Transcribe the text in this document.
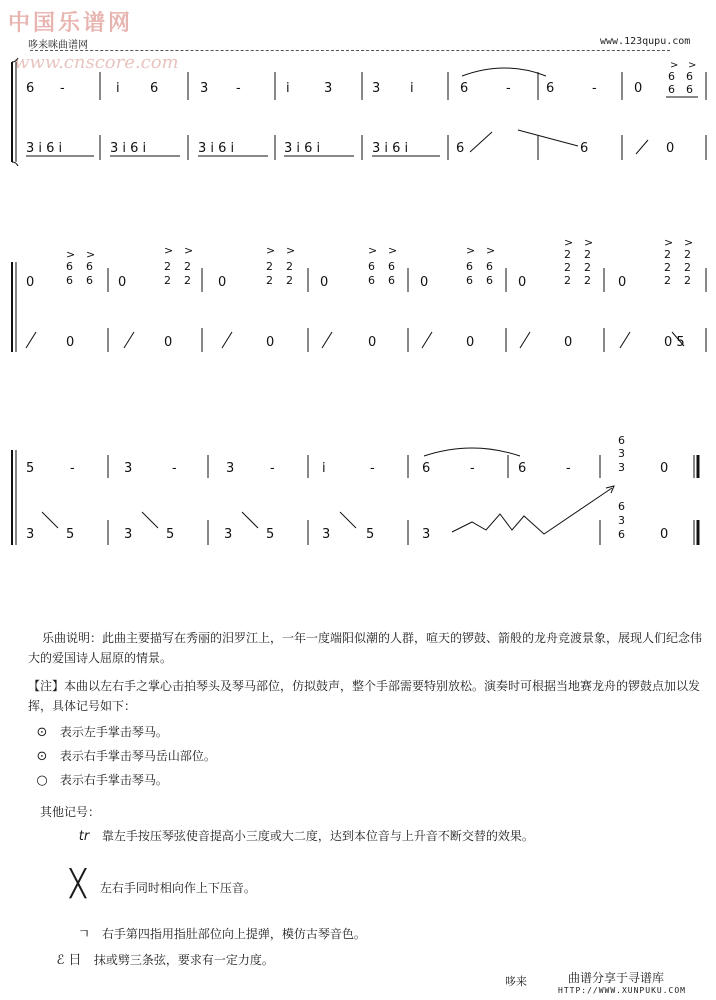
中国乐谱网
www.cnscore.com
哆来咪曲谱网	www.123qupu.com
6 -	i 6	3 -	i	3	3 i	6	-	6	-	0
> >
6 6
6 6
3 i 6 i	3 i 6 i	3 i 6 i	3 i 6 i	3 i 6 i	6	6	0
0	0	0	0	0	0	0
> >
6 6
6 6
> >
2 2
2 2
> >
2 2
2 2
> >
6 6
6 6
> >
6 6
6 6
> >
2 2
2 2
2 2
> >
2 2
2 2
2 2
0	0	0	0	0	0	0 5
5	-	3	-	3	-	i	-	6	-	6	-	0
6
3
3
3 5	3	5	3	5	3	5	3	0
6
3
6
乐曲说明：此曲主要描写在秀丽的汨罗江上，一年一度端阳似潮的人群，喧天的锣鼓、箭般的龙舟竞渡景象，展现人们纪念伟大的爱国诗人屈原的情景。
【注】本曲以左右手之掌心击拍琴头及琴马部位，仿拟鼓声，整个手部需要特别放松。演奏时可根据当地赛龙舟的锣鼓点加以发挥，具体记号如下：
⊙ 表示左手掌击琴马。
⊙ 表示右手掌击琴马岳山部位。
○ 表示右手掌击琴马。
其他记号：
tr 靠左手按压琴弦使音提高小三度或大二度，达到本位音与上升音不断交替的效果。
╳ 左右手同时相向作上下压音。
ㄱ 右手第四指用指肚部位向上提弹，模仿古琴音色。
ℰ 日 抹或劈三条弦，要求有一定力度。
哆来	曲谱分享于寻谱库
HTTP://WWW.XUNPUKU.COM
